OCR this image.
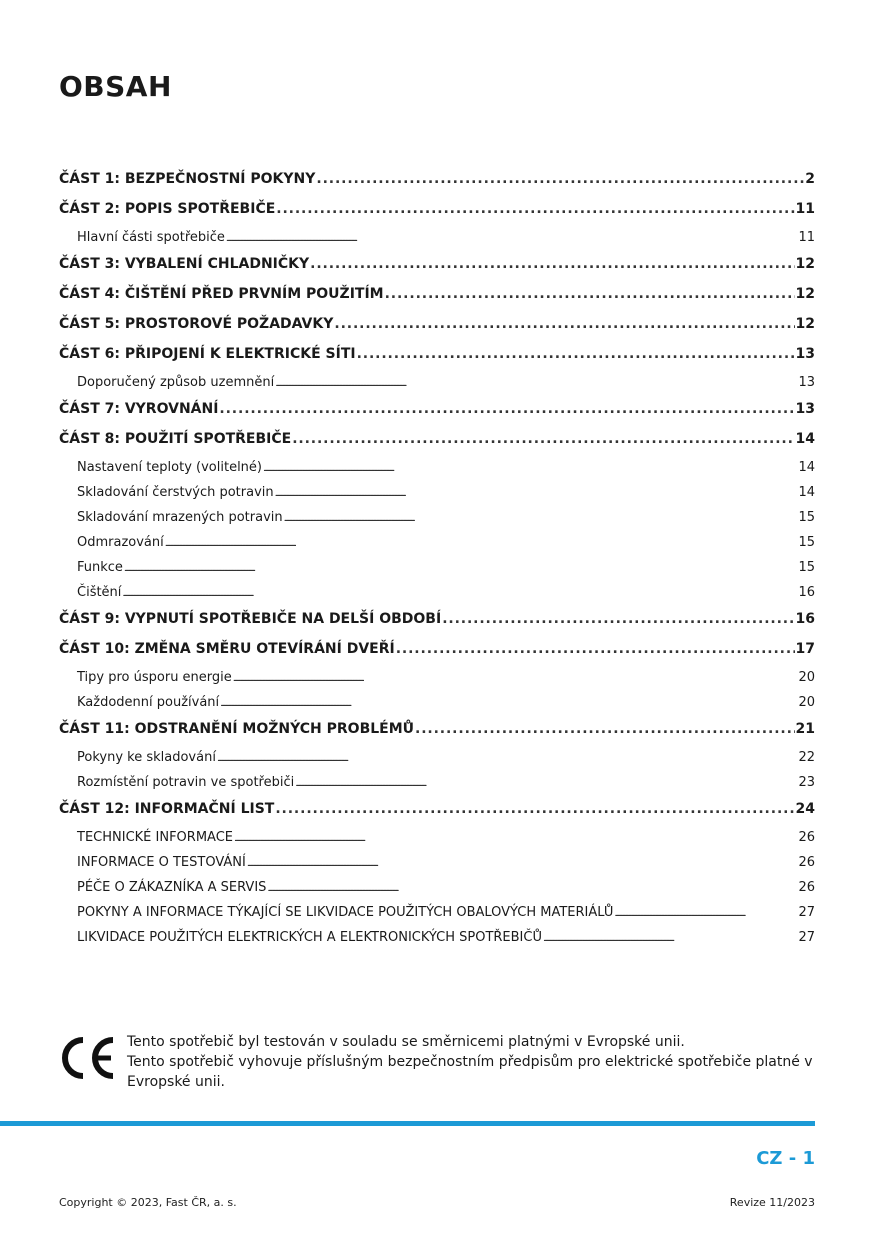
OBSAH
ČÁST 1: BEZPEČNOSTNÍ POKYNY . . .	2
ČÁST 2: POPIS SPOTŘEBIČE . . .	11
Hlavní části spotřebiče . . .	11
ČÁST 3: VYBALENÍ CHLADNIČKY . . .	12
ČÁST 4: ČIŠTĚNÍ PŘED PRVNÍM POUŽITÍM . . .	12
ČÁST 5: PROSTOROVÉ POŽADAVKY . . .	12
ČÁST 6: PŘIPOJENÍ K ELEKTRICKÉ SÍTI . . .	13
Doporučený způsob uzemnění . . .	13
ČÁST 7: VYROVNÁNÍ . . .	13
ČÁST 8: POUŽITÍ SPOTŘEBIČE . . .	14
Nastavení teploty (volitelné) . . .	14
Skladování čerstvých potravin . . .	14
Skladování mrazených potravin . . .	15
Odmrazování . . .	15
Funkce . . .	15
Čištění . . .	16
ČÁST 9: VYPNUTÍ SPOTŘEBIČE NA DELŠÍ OBDOBÍ . . .	16
ČÁST 10: ZMĚNA SMĚRU OTEVÍRÁNÍ DVEŘÍ . . .	17
Tipy pro úsporu energie . . .	20
Každodenní používání . . .	20
ČÁST 11: ODSTRANĚNÍ MOŽNÝCH PROBLÉMŮ . . .	21
Pokyny ke skladování . . .	22
Rozmístění potravin ve spotřebiči . . .	23
ČÁST 12: INFORMAČNÍ LIST . . .	24
TECHNICKÉ INFORMACE . . .	26
INFORMACE O TESTOVÁNÍ . . .	26
PÉČE O ZÁKAZNÍKA A SERVIS . . .	26
POKYNY A INFORMACE TÝKAJÍCÍ SE LIKVIDACE POUŽITÝCH OBALOVÝCH MATERIÁLŮ . . .	27
LIKVIDACE POUŽITÝCH ELEKTRICKÝCH A ELEKTRONICKÝCH SPOTŘEBIČŮ . . .	27

Tento spotřebič byl testován v souladu se směrnicemi platnými v Evropské unii.

Tento spotřebič vyhovuje příslušným bezpečnostním předpisům pro elektrické spotřebiče platné v Evropské unii.

CZ - 1
Copyright © 2023, Fast ČR, a. s.	Revize 11/2023
